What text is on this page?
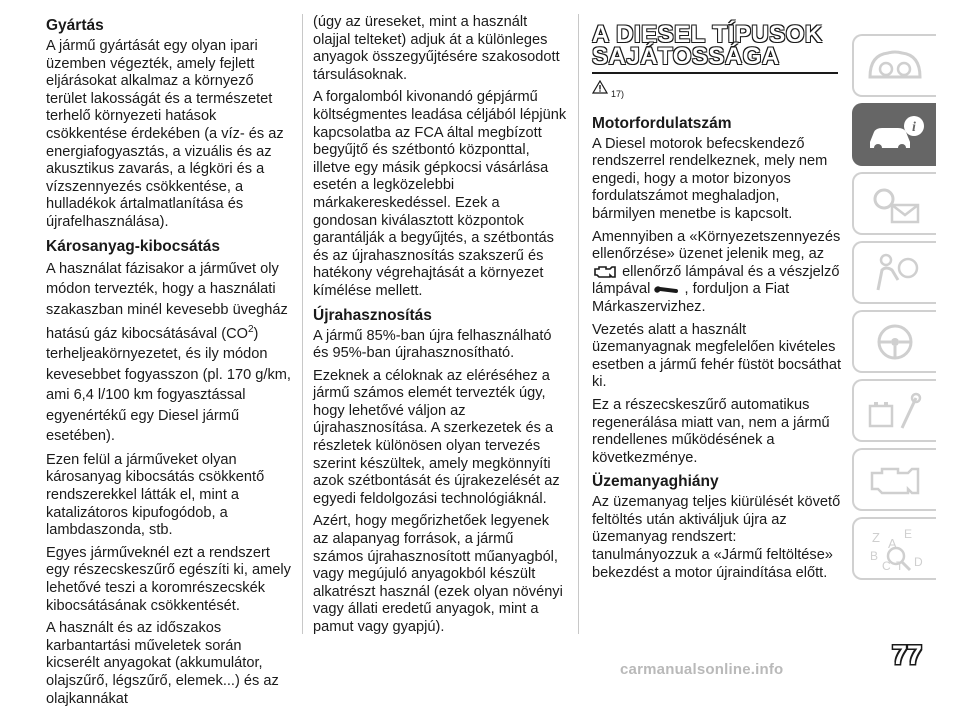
Gyártás

A jármű gyártását egy olyan ipari üzemben végezték, amely fejlett eljárásokat alkalmaz a környező terület lakosságát és a természetet terhelő környezeti hatások csökkentése érdekében (a víz- és az energiafogyasztás, a vizuális és az akusztikus zavarás, a légköri és a vízszennyezés csökkentése, a hulladékok ártalmatlanítása és újrafelhasználása).

Károsanyag-kibocsátás

A használat fázisakor a járművet oly módon tervezték, hogy a használati szakaszban minél kevesebb üvegház hatású gáz kibocsátásával $(CO_2)$ terheljeakörnyezetet, és ily módon kevesebbet fogyasszon (pl. 170 g/km, ami 6,4 l/100 km fogyasztással egyenértékű egy Diesel jármű esetében).

Ezen felül a járműveket olyan károsanyag kibocsátás csökkentő rendszerekkel látták el, mint a katalizátoros kipufogódob, a lambdaszonda, stb.

Egyes járműveknél ezt a rendszert egy részecskeszűrő egészíti ki, amely lehetővé teszi a koromrészecskék kibocsátásának csökkentését.

A használt és az időszakos karbantartási műveletek során kicserélt anyagokat (akkumulátor, olajszűrő, légszűrő, elemek...) és az olajkannákat

(úgy az üreseket, mint a használt olajjal telteket) adjuk át a különleges anyagok összegyűjtésére szakosodott társulásoknak.

A forgalomból kivonandó gépjármű költségmentes leadása céljából lépjünk kapcsolatba az FCA által megbízott begyűjtő és szétbontó központtal, illetve egy másik gépkocsi vásárlása esetén a legközelebbi márkakereskedéssel. Ezek a gondosan kiválasztott központok garantálják a begyűjtés, a szétbontás és az újrahasznosítás szakszerű és hatékony végrehajtását a környezet kímélése mellett.

Újrahasznosítás

A jármű 85%-ban újra felhasználható és 95%-ban újrahasznosítható.

Ezeknek a céloknak az eléréséhez a jármű számos elemét tervezték úgy, hogy lehetővé váljon az újrahasznosítása. A szerkezetek és a részletek különösen olyan tervezés szerint készültek, amely megkönnyíti azok szétbontását és újrakezelését az egyedi feldolgozási technológiáknál.

Azért, hogy megőrizhetőek legyenek az alapanyag források, a jármű számos újrahasznosított műanyagból, vagy megújuló anyagokból készült alkatrészt használ (ezek olyan növényi vagy állati eredetű anyagok, mint a pamut vagy gyapjú).

A DIESEL TÍPUSOK
SAJÁTOSSÁGA
17)
Motorfordulatszám

A Diesel motorok befecskendező rendszerrel rendelkeznek, mely nem engedi, hogy a motor bizonyos fordulatszámot meghaladjon, bármilyen menetbe is kapcsolt.

Amennyiben a «Környezetszennyezés ellenőrzése» üzenet jelenik meg, az
ellenőrző lámpával és a vészjelző lámpával , forduljon a Fiat Márkaszervizhez.

Vezetés alatt a használt üzemanyagnak megfelelően kivételes esetben a jármű fehér füstöt bocsáthat ki.

Ez a részecskeszűrő automatikus regenerálása miatt van, nem a jármű rendellenes működésének a következménye.

Üzemanyaghiány

Az üzemanyag teljes kiürülését követő feltöltés után aktiváljuk újra az üzemanyag rendszert: tanulmányozzuk a «Jármű feltöltése» bekezdést a motor újraindítása előtt.

i
Z E
A
B
C T D
77
carmanualsonline.info
